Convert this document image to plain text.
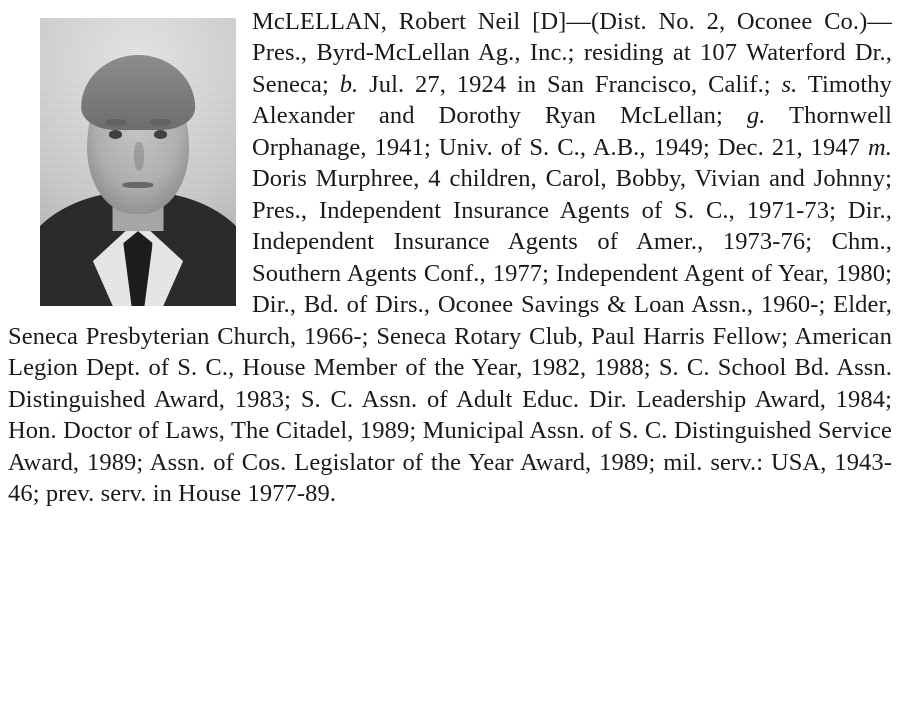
McLELLAN, Robert Neil [D]—(Dist. No. 2, Oconee Co.)—Pres., Byrd-McLellan Ag., Inc.; residing at 107 Waterford Dr., Seneca; b. Jul. 27, 1924 in San Francisco, Calif.; s. Timothy Alexander and Dorothy Ryan McLellan; g. Thornwell Orphanage, 1941; Univ. of S. C., A.B., 1949; Dec. 21, 1947 m. Doris Murphree, 4 children, Carol, Bobby, Vivian and Johnny; Pres., Independent Insurance Agents of S. C., 1971-73; Dir., Independent Insurance Agents of Amer., 1973-76; Chm., Southern Agents Conf., 1977; Independent Agent of Year, 1980; Dir., Bd. of Dirs., Oconee Savings & Loan Assn., 1960-; Elder, Seneca Presbyterian Church, 1966-; Seneca Rotary Club, Paul Harris Fellow; American Legion Dept. of S. C., House Member of the Year, 1982, 1988; S. C. School Bd. Assn. Distinguished Award, 1983; S. C. Assn. of Adult Educ. Dir. Leadership Award, 1984; Hon. Doctor of Laws, The Citadel, 1989; Municipal Assn. of S. C. Distinguished Service Award, 1989; Assn. of Cos. Legislator of the Year Award, 1989; mil. serv.: USA, 1943-46; prev. serv. in House 1977-89.
